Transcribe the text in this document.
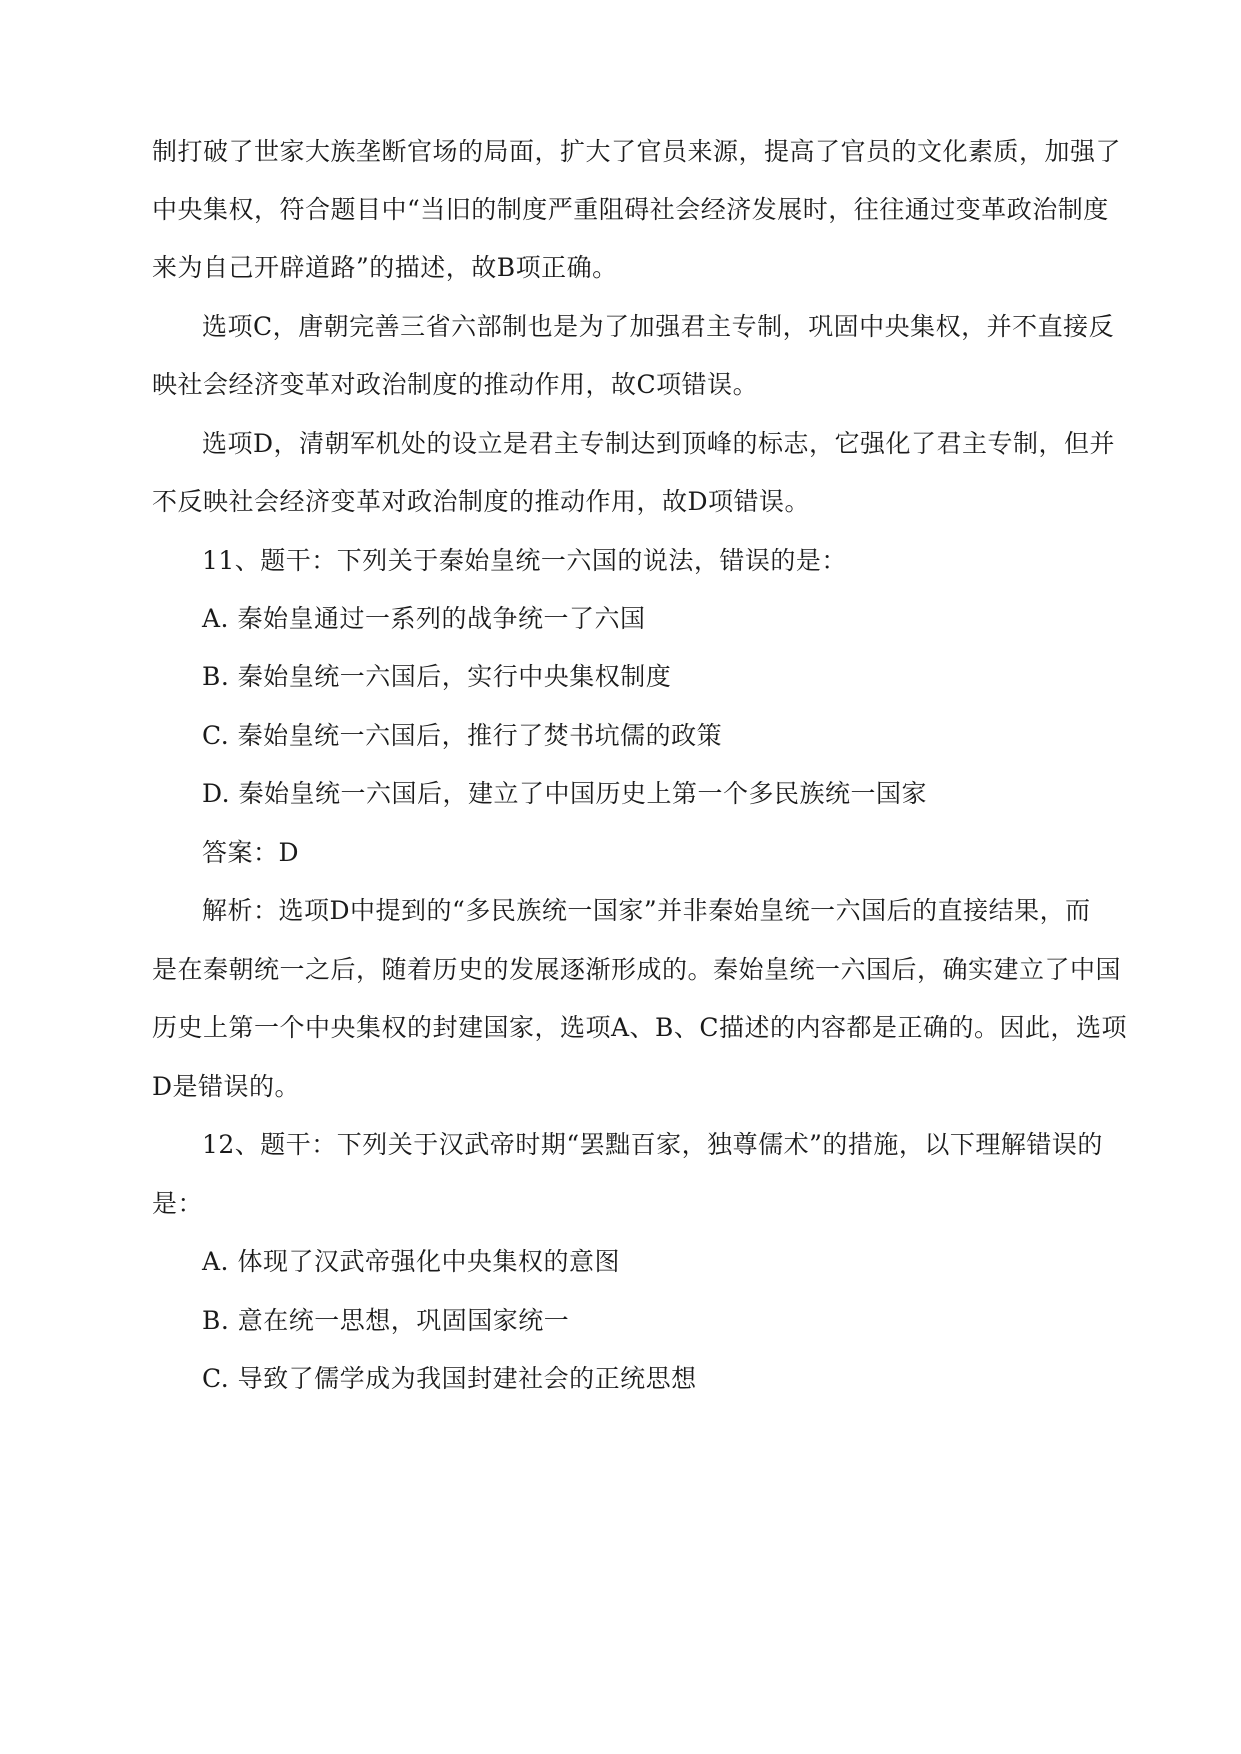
制打破了世家大族垄断官场的局面，扩大了官员来源，提高了官员的文化素质，加强了
中央集权，符合题目中“当旧的制度严重阻碍社会经济发展时，往往通过变革政治制度
来为自己开辟道路”的描述，故B项正确。
选项C，唐朝完善三省六部制也是为了加强君主专制，巩固中央集权，并不直接反
映社会经济变革对政治制度的推动作用，故C项错误。
选项D，清朝军机处的设立是君主专制达到顶峰的标志，它强化了君主专制，但并
不反映社会经济变革对政治制度的推动作用，故D项错误。
11、题干：下列关于秦始皇统一六国的说法，错误的是：
A. 秦始皇通过一系列的战争统一了六国
B. 秦始皇统一六国后，实行中央集权制度
C. 秦始皇统一六国后，推行了焚书坑儒的政策
D. 秦始皇统一六国后，建立了中国历史上第一个多民族统一国家
答案：D
解析：选项D中提到的“多民族统一国家”并非秦始皇统一六国后的直接结果，而
是在秦朝统一之后，随着历史的发展逐渐形成的。秦始皇统一六国后，确实建立了中国
历史上第一个中央集权的封建国家，选项A、B、C描述的内容都是正确的。因此，选项
D是错误的。
12、题干：下列关于汉武帝时期“罢黜百家，独尊儒术”的措施，以下理解错误的
是：
A. 体现了汉武帝强化中央集权的意图
B. 意在统一思想，巩固国家统一
C. 导致了儒学成为我国封建社会的正统思想
